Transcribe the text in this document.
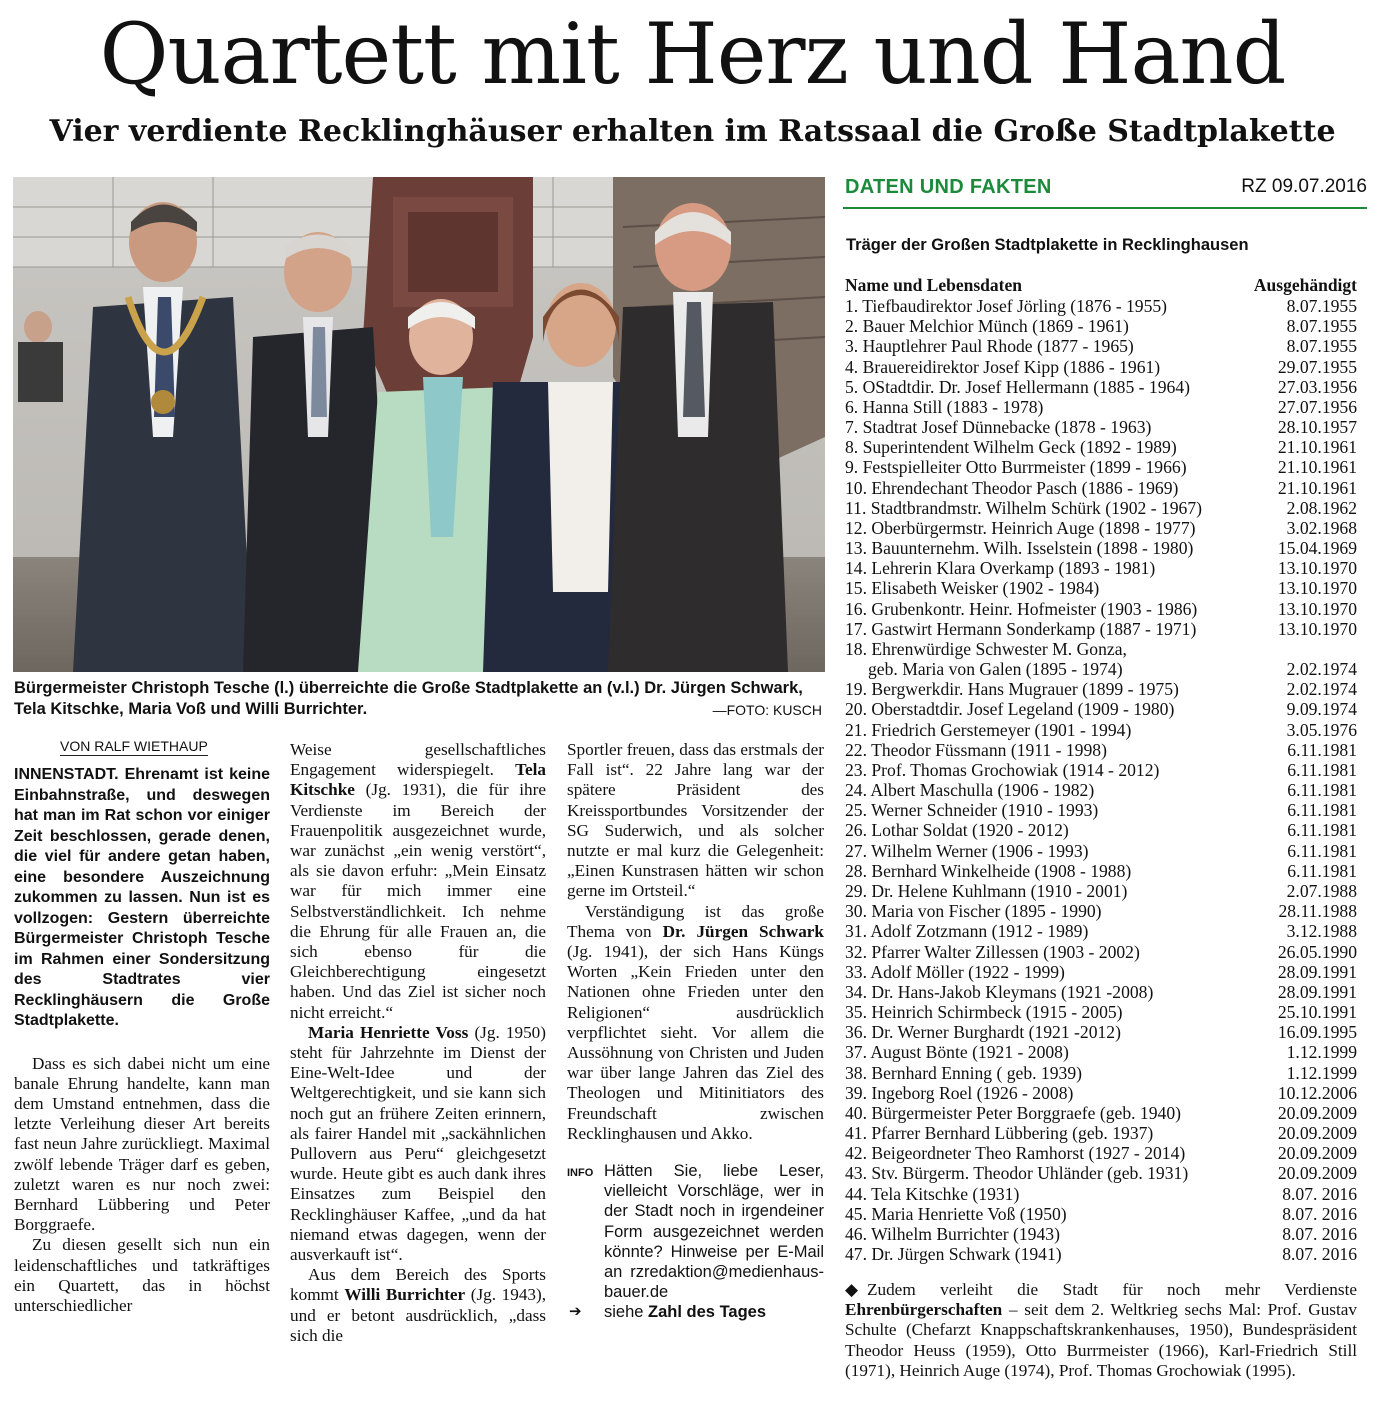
Quartett mit Herz und Hand
Vier verdiente Recklinghäuser erhalten im Ratssaal die Große Stadtplakette
Bürgermeister Christoph Tesche (l.) überreichte die Große Stadtplakette an (v.l.) Dr. Jürgen Schwark, Tela Kitschke, Maria Voß und Willi Burrichter.	—FOTO: KUSCH
VON RALF WIETHAUP

INNENSTADT. Ehrenamt ist keine Einbahnstraße, und deswegen hat man im Rat schon vor einiger Zeit beschlossen, gerade denen, die viel für andere getan haben, eine besondere Auszeichnung zukommen zu lassen. Nun ist es vollzogen: Gestern überreichte Bürgermeister Christoph Tesche im Rahmen einer Sondersitzung des Stadtrates vier Recklinghäusern die Große Stadtplakette.

Dass es sich dabei nicht um eine banale Ehrung handelte, kann man dem Umstand entnehmen, dass die letzte Verleihung dieser Art bereits fast neun Jahre zurückliegt. Maximal zwölf lebende Träger darf es geben, zuletzt waren es nur noch zwei: Bernhard Lübbering und Peter Borggraefe.

Zu diesen gesellt sich nun ein leidenschaftliches und tatkräftiges ein Quartett, das in höchst unterschiedlicher

Weise gesellschaftliches Engagement widerspiegelt. Tela Kitschke (Jg. 1931), die für ihre Verdienste im Bereich der Frauenpolitik ausgezeichnet wurde, war zunächst „ein wenig verstört“, als sie davon erfuhr: „Mein Einsatz war für mich immer eine Selbstverständlichkeit. Ich nehme die Ehrung für alle Frauen an, die sich ebenso für die Gleichberechtigung eingesetzt haben. Und das Ziel ist sicher noch nicht erreicht.“

Maria Henriette Voss (Jg. 1950) steht für Jahrzehnte im Dienst der Eine-Welt-Idee und der Weltgerechtigkeit, und sie kann sich noch gut an frühere Zeiten erinnern, als fairer Handel mit „sackähnlichen Pullovern aus Peru“ gleichgesetzt wurde. Heute gibt es auch dank ihres Einsatzes zum Beispiel den Recklinghäuser Kaffee, „und da hat niemand etwas dagegen, wenn der ausverkauft ist“.

Aus dem Bereich des Sports kommt Willi Burrichter (Jg. 1943), und er betont ausdrücklich, „dass sich die

Sportler freuen, dass das erstmals der Fall ist“. 22 Jahre lang war der spätere Präsident des Kreissportbundes Vorsitzender der SG Suderwich, und als solcher nutzte er mal kurz die Gelegenheit: „Einen Kunstrasen hätten wir schon gerne im Ortsteil.“

Verständigung ist das große Thema von Dr. Jürgen Schwark (Jg. 1941), der sich Hans Küngs Worten „Kein Frieden unter den Nationen ohne Frieden unter den Religionen“ ausdrücklich verpflichtet sieht. Vor allem die Aussöhnung von Christen und Juden war über lange Jahren das Ziel des Theologen und Mitinitiators des Freundschaft zwischen Recklinghausen und Akko.

INFO Hätten Sie, liebe Leser, vielleicht Vorschläge, wer in der Stadt noch in irgendeiner Form ausgezeichnet werden könnte? Hinweise per E-Mail an rzredaktion@medienhaus-bauer.de

➔ siehe Zahl des Tages
DATEN UND FAKTEN	RZ 09.07.2016
Träger der Großen Stadtplakette in Recklinghausen
Name und Lebensdaten	Ausgehändigt
1. Tiefbaudirektor Josef Jörling (1876 - 1955)	8.07.1955
2. Bauer Melchior Münch (1869 - 1961)	8.07.1955
3. Hauptlehrer Paul Rhode (1877 - 1965)	8.07.1955
4. Brauereidirektor Josef Kipp (1886 - 1961)	29.07.1955
5. OStadtdir. Dr. Josef Hellermann (1885 - 1964)	27.03.1956
6. Hanna Still (1883 - 1978)	27.07.1956
7. Stadtrat Josef Dünnebacke (1878 - 1963)	28.10.1957
8. Superintendent Wilhelm Geck (1892 - 1989)	21.10.1961
9. Festspielleiter Otto Burrmeister (1899 - 1966)	21.10.1961
10. Ehrendechant Theodor Pasch (1886 - 1969)	21.10.1961
11. Stadtbrandmstr. Wilhelm Schürk (1902 - 1967)	2.08.1962
12. Oberbürgermstr. Heinrich Auge (1898 - 1977)	3.02.1968
13. Bauunternehm. Wilh. Isselstein (1898 - 1980)	15.04.1969
14. Lehrerin Klara Overkamp (1893 - 1981)	13.10.1970
15. Elisabeth Weisker (1902 - 1984)	13.10.1970
16. Grubenkontr. Heinr. Hofmeister (1903 - 1986)	13.10.1970
17. Gastwirt Hermann Sonderkamp (1887 - 1971)	13.10.1970
18. Ehrenwürdige Schwester M. Gonza,
geb. Maria von Galen (1895 - 1974)	2.02.1974
19. Bergwerkdir. Hans Mugrauer (1899 - 1975)	2.02.1974
20. Oberstadtdir. Josef Legeland (1909 - 1980)	9.09.1974
21. Friedrich Gerstemeyer (1901 - 1994)	3.05.1976
22. Theodor Füssmann (1911 - 1998)	6.11.1981
23. Prof. Thomas Grochowiak (1914 - 2012)	6.11.1981
24. Albert Maschulla (1906 - 1982)	6.11.1981
25. Werner Schneider (1910 - 1993)	6.11.1981
26. Lothar Soldat (1920 - 2012)	6.11.1981
27. Wilhelm Werner (1906 - 1993)	6.11.1981
28. Bernhard Winkelheide (1908 - 1988)	6.11.1981
29. Dr. Helene Kuhlmann (1910 - 2001)	2.07.1988
30. Maria von Fischer (1895 - 1990)	28.11.1988
31. Adolf Zotzmann (1912 - 1989)	3.12.1988
32. Pfarrer Walter Zillessen (1903 - 2002)	26.05.1990
33. Adolf Möller (1922 - 1999)	28.09.1991
34. Dr. Hans-Jakob Kleymans (1921 -2008)	28.09.1991
35. Heinrich Schirmbeck (1915 - 2005)	25.10.1991
36. Dr. Werner Burghardt (1921 -2012)	16.09.1995
37. August Bönte (1921 - 2008)	1.12.1999
38. Bernhard Enning ( geb. 1939)	1.12.1999
39. Ingeborg Roel (1926 - 2008)	10.12.2006
40. Bürgermeister Peter Borggraefe (geb. 1940)	20.09.2009
41. Pfarrer Bernhard Lübbering (geb. 1937)	20.09.2009
42. Beigeordneter Theo Ramhorst (1927 - 2014)	20.09.2009
43. Stv. Bürgerm. Theodor Uhländer (geb. 1931)	20.09.2009
44. Tela Kitschke (1931)	8.07. 2016
45. Maria Henriette Voß (1950)	8.07. 2016
46. Wilhelm Burrichter (1943)	8.07. 2016
47. Dr. Jürgen Schwark (1941)	8.07. 2016
◆ Zudem verleiht die Stadt für noch mehr Verdienste Ehrenbürgerschaften – seit dem 2. Weltkrieg sechs Mal: Prof. Gustav Schulte (Chefarzt Knappschaftskrankenhauses, 1950), Bundespräsident Theodor Heuss (1959), Otto Burrmeister (1966), Karl-Friedrich Still (1971), Heinrich Auge (1974), Prof. Thomas Grochowiak (1995).
